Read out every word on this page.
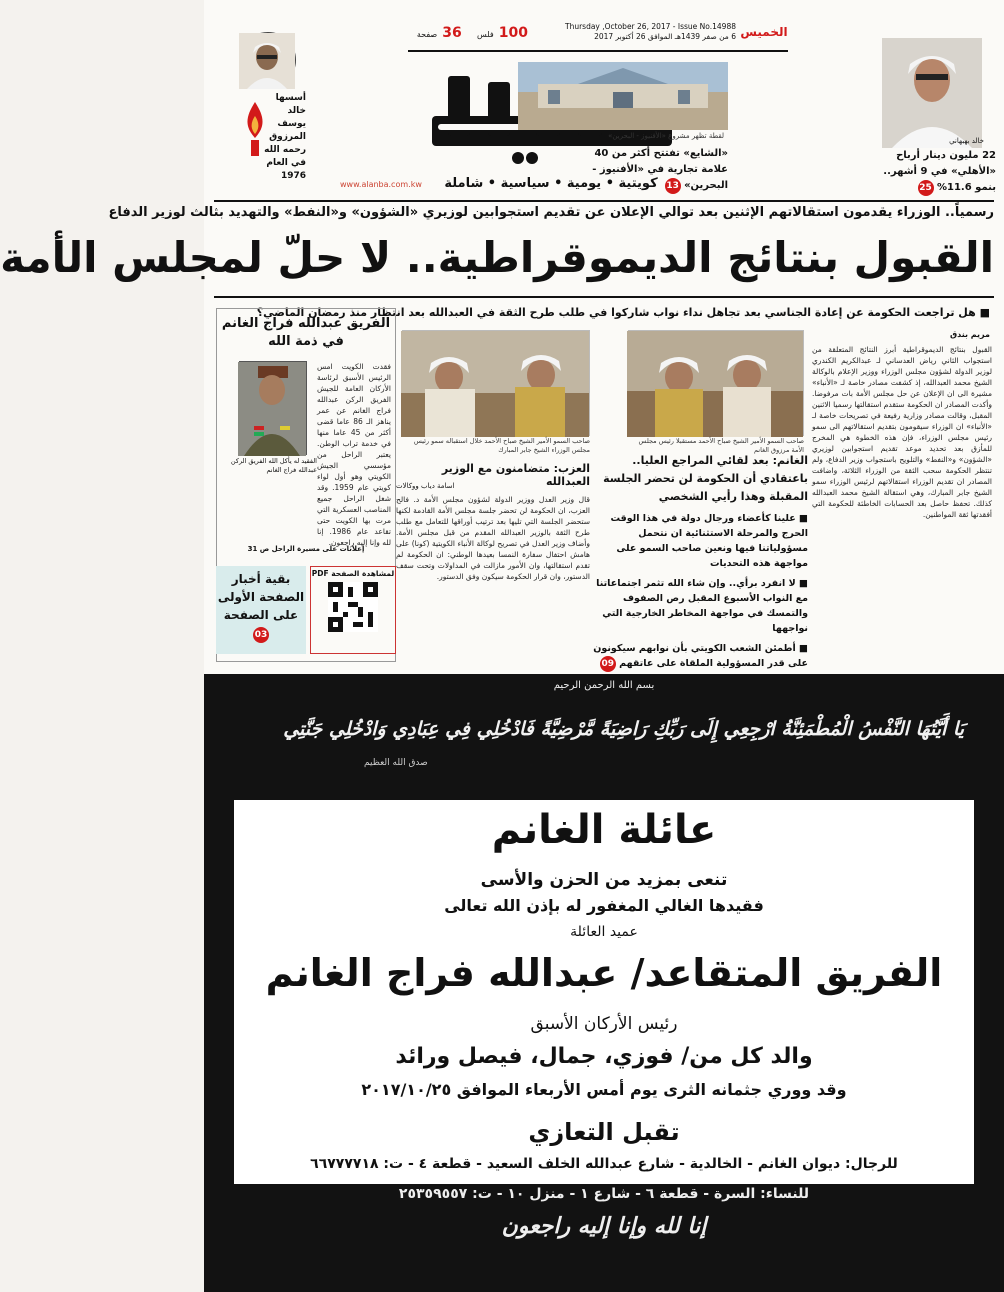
الخميس
Thursday ,October 26, 2017 - Issue No.14988
6 من صفر 1439هـ الموافق 26 أكتوبر 2017
100 فلس   36 صفحة
كويتية • يومية • سياسية • شاملة
www.alanba.com.kw
أسسها
خالد يوسف
المرزوق
رحمه الله
في العام
1976
خالد بهبهاني
22 مليون دينار أرباح «الأهلي» في 9 أشهر.. بنمو 11.6% 25
لقطة تظهر مشروع «الأفنيوز - البحرين»
«الشايع» تفتتح أكثر من 40 علامة تجارية في «الأفنيوز - البحرين» 13
رسمياً.. الوزراء يقدمون استقالاتهم الإثنين بعد توالي الإعلان عن تقديم استجوابين لوزيري «الشؤون» و«النفط» والتهديد بثالث لوزير الدفاع
القبول بنتائج الديموقراطية.. لا حلّ لمجلس الأمة
■ هل تراجعت الحكومة عن إعادة الجناسي بعد تجاهل نداء نواب شاركوا في طلب طرح الثقة في العبدالله بعد انتظار منذ رمضان الماضي؟
مريم بندق
القبول بنتائج الديموقراطية أبرز النتائج المتعلقة من استجواب الثاني رياض العدساني لـ عبدالكريم الكندري لوزير الدولة لشؤون مجلس الوزراء ووزير الإعلام بالوكالة الشيخ محمد العبدالله، إذ كشفت مصادر خاصة لـ «الأنباء» مشيرة الى ان الإعلان عن حل مجلس الأمة بات مرفوضا. وأكدت المصادر ان الحكومة ستقدم استقالتها رسميا الاثنين المقبل، وقالت مصادر وزارية رفيعة في تصريحات خاصة لـ «الأنباء» ان الوزراء سيقومون بتقديم استقالاتهم الى سمو رئيس مجلس الوزراء، فإن هذه الخطوة هي المخرج للمأزق بعد تحديد موعد تقديم استجوابين لوزيري «الشؤون» و«النفط» والتلويح باستجواب وزير الدفاع، ولم تنتظر الحكومة سحب الثقة من الوزراء الثلاثة، واضافت المصادر ان تقديم الوزراء استقالاتهم لرئيس الوزراء سمو الشيخ جابر المبارك، وهي استقالة الشيخ محمد العبدالله كذلك. تحفظ حاصل بعد الحسابات الخاطئة للحكومة التي أفقدتها ثقة المواطنين.
صاحب السمو الأمير الشيخ صباح الأحمد مستقبلا رئيس مجلس الأمة مرزوق الغانم
صاحب السمو الأمير الشيخ صباح الأحمد خلال استقباله سمو رئيس مجلس الوزراء الشيخ جابر المبارك
الغانم: بعد لقائي المراجع العليا.. باعتقادي أن الحكومة لن تحضر الجلسة المقبلة وهذا رأيي الشخصي
■ علينا كأعضاء ورجال دولة في هذا الوقت الحرج والمرحلة الاستثنائية ان نتحمل مسؤولياتنا فيها ونعين صاحب السمو على مواجهة هذه التحديات
■ لا انفرد برأي.. وإن شاء الله تثمر اجتماعاتنا مع النواب الأسبوع المقبل رص الصفوف والتمسك في مواجهة المخاطر الخارجية التي نواجهها
■ أطمئن الشعب الكويتي بأن نوابهم سيكونون على قدر المسؤولية الملقاة على عاتقهم 09
العزب: متضامنون مع الوزير العبدالله
اسامة دياب ووكالات
قال وزير العدل ووزير الدولة لشؤون مجلس الأمة د. فالح العزب، ان الحكومة لن تحضر جلسة مجلس الأمة القادمة لكنها ستحضر الجلسة التي تليها بعد ترتيب أوراقها للتعامل مع طلب طرح الثقة بالوزير العبدالله المقدم من قبل مجلس الأمة. وأضاف وزير العدل في تصريح لوكالة الأنباء الكويتية (كونا) على هامش احتفال سفارة النمسا بعيدها الوطني: ان الحكومة لم تقدم استقالتها، وان الأمور مازالت في المداولات وتحت سقف الدستور، وان قرار الحكومة سيكون وفق الدستور.
الفريق عبدالله فراج الغانم في ذمة الله
الفقيد له يأكل الله الفريق الركن عبدالله فراج الغانم
فقدت الكويت امس الرئيس الأسبق لرئاسة الأركان العامة للجيش الفريق الركن عبدالله فراج الغانم عن عمر يناهز الـ 86 عاما قضى أكثر من 45 عاما منها في خدمة تراب الوطن. يعتبر الراحل من مؤسسي الجيش الكويتي وهو أول لواء كويتي عام 1959. وقد شغل الراحل جميع المناصب العسكرية التي مرت بها الكويت حتى تقاعد عام 1986. إنا لله وإنا إليه راجعون.
إعلانات على مسيرة الراحل ص 31
بقية أخبار الصفحة الأولى على الصفحة
03
لمشاهدة الصفحة PDF
بسم الله الرحمن الرحيم
يَا أَيَّتُهَا النَّفْسُ الْمُطْمَئِنَّةُ ارْجِعِي إِلَى رَبِّكِ رَاضِيَةً مَّرْضِيَّةً فَادْخُلِي فِي عِبَادِي وَادْخُلِي جَنَّتِي
صدق الله العظيم
عائلة الغانم
تنعى بمزيد من الحزن والأسى
فقيدها الغالي المغفور له بإذن الله تعالى
عميد العائلة
الفريق المتقاعد/ عبدالله فراج الغانم
رئيس الأركان الأسبق
والد كل من/ فوزي، جمال، فيصل ورائد
وقد ووري جثمانه الثرى يوم أمس الأربعاء الموافق ٢٠١٧/١٠/٢٥
تقبل التعازي
للرجال: ديوان الغانم - الخالدية - شارع عبدالله الخلف السعيد - قطعة ٤ - ت: ٦٦٧٧٧٧١٨
للنساء: السرة - قطعة ٦ - شارع ١ - منزل ١٠ - ت: ٢٥٣٥٩٥٥٧
إنا لله وإنا إليه راجعون
